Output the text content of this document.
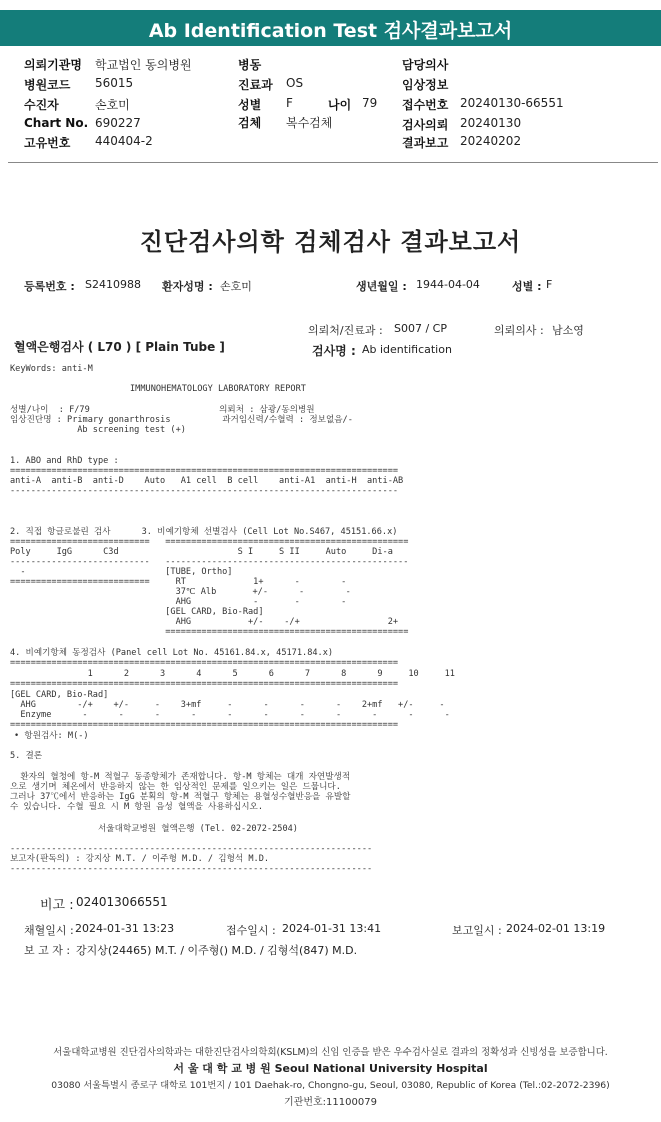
Ab Identification Test 검사결과보고서
의뢰기관명 학교법인 동의병원
병원코드 56015
수진자	손호미
Chart No. 690227
고유번호 440404-2
병동
진료과 OS
성별 F
검체 복수검체
나이 79
담당의사
임상정보
접수번호 20240130-66551
검사의뢰 20240130
결과보고 20240202
진단검사의학 검체검사 결과보고서
등록번호 : S2410988 환자성명 : 손호미	생년월일 : 1944-04-04	성별 : F
의뢰처/진료과 : S007 / CP	의뢰의사 : 남소영
혈액은행검사 ( L70 ) [ Plain Tube ]	검사명 : Ab identification
KeyWords: anti-M
IMMUNOHEMATOLOGY LABORATORY REPORT
성별/나이  : F/79                         의뢰처 : 삼광/동의병원
임상진단명 : Primary gonarthrosis          과거임신력/수혈력 : 정보없음/-
Ab screening test (+)
1. ABO and RhD type :
===========================================================================
anti-A  anti-B  anti-D    Auto   A1 cell  B cell    anti-A1  anti-H  anti-AB
---------------------------------------------------------------------------
2. 직접 항글로불린 검사      3. 비예기항체 선별검사 (Cell Lot No.S467, 45151.66.x)
===========================   ===============================================
Poly     IgG      C3d                       S I     S II     Auto     Di-a
---------------------------   -----------------------------------------------
-                           [TUBE, Ortho]
===========================     RT             1+      -        -
37℃ Alb       +/-      -        -
AHG            -       -        -
[GEL CARD, Bio-Rad]
AHG           +/-    -/+                 2+
===============================================
4. 비예기항체 동정검사 (Panel cell Lot No. 45161.84.x, 45171.84.x)
===========================================================================
1      2      3      4      5      6      7      8      9     10     11
===========================================================================
[GEL CARD, Bio-Rad]
AHG        -/+    +/-     -    3+mf     -      -      -      -    2+mf   +/-     -
Enzyme      -      -      -      -      -      -      -      -      -      -      -
===========================================================================
• 항원검사: M(-)
5. 결론
환자의 혈청에 항-M 적혈구 동종항체가 존재합니다. 항-M 항체는 대개 자연발생적
으로 생기며 체온에서 반응하지 않는 한 임상적인 문제를 일으키는 일은 드뭅니다.
그러나 37℃에서 반응하는 IgG 분획의 항-M 적혈구 항체는 용혈성수혈반응을 유발할
수 있습니다. 수혈 필요 시 M 항원 음성 혈액을 사용하십시오.
서울대학교병원 혈액은행 (Tel. 02-2072-2504)
----------------------------------------------------------------------
보고자(판독의) : 강지상 M.T. / 이주형 M.D. / 김형석 M.D.
----------------------------------------------------------------------
비고 : 024013066551
채혈일시 : 2024-01-31 13:23	접수일시 : 2024-01-31 13:41	보고일시 : 2024-02-01 13:19
보 고 자 : 강지상(24465) M.T. / 이주형() M.D. / 김형석(847) M.D.
서울대학교병원 진단검사의학과는 대한진단검사의학회(KSLM)의 신임 인증을 받은 우수검사실로 결과의 정확성과 신빙성을 보증합니다.
서 울 대 학 교 병 원 Seoul National University Hospital
03080 서울특별시 종로구 대학로 101번지 / 101 Daehak-ro, Chongno-gu, Seoul, 03080, Republic of Korea (Tel.:02-2072-2396)
기관번호:11100079
